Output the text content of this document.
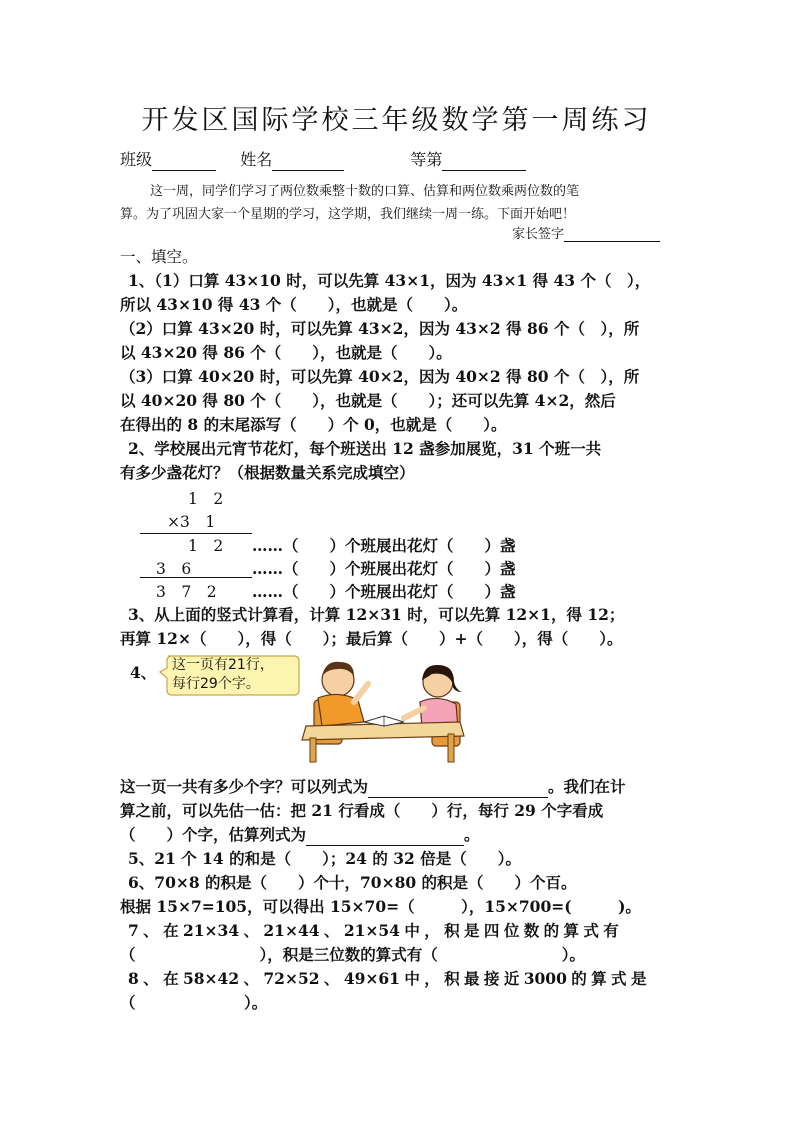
开发区国际学校三年级数学第一周练习
班级	姓名	等第
这一周，同学们学习了两位数乘整十数的口算、估算和两位数乘两位数的笔
算。为了巩固大家一个星期的学习，这学期，我们继续一周一练。下面开始吧！
家长签字
一、填空。
1、（1）口算 43×10 时，可以先算 43×1，因为 43×1 得 43 个（　），
所以 43×10 得 43 个（　　），也就是（　　）。
（2）口算 43×20 时，可以先算 43×2，因为 43×2 得 86 个（　），所
以 43×20 得 86 个（　　），也就是（　　）。
（3）口算 40×20 时，可以先算 40×2，因为 40×2 得 80 个（　），所
以 40×20 得 80 个（　　），也就是（　　）；还可以先算 4×2，然后
在得出的 8 的末尾添写（　　）个 0，也就是（　　）。
2、学校展出元宵节花灯，每个班送出 12 盏参加展览，31 个班一共
有多少盏花灯？（根据数量关系完成填空）
1　2
×3　1
1　2 ……（　　）个班展出花灯（　　）盏
3　6	……（　　）个班展出花灯（　　）盏
3　7　2 ……（　　）个班展出花灯（　　）盏
3、从上面的竖式计算看，计算 12×31 时，可以先算 12×1，得 12；
再算 12×（　　），得（　　）；最后算（　　）+（　　），得（　　）。
4、 这一页有21行，
每行29个字。
这一页一共有多少个字？可以列式为	。我们在计
算之前，可以先估一估：把 21 行看成（　　）行，每行 29 个字看成
（　　）个字，估算列式为	。
5、21 个 14 的和是（　　）；24 的 32 倍是（　　）。
6、70×8 的积是（　　）个十，70×80 的积是（　　）个百。
根据 15×7=105，可以得出 15×70=（　　　），15×700=(　　　)。
7 、 在 21×34 、 21×44 、 21×54 中 ， 积 是 四 位 数 的 算 式 有
（　　　　　　　　），积是三位数的算式有（　　　　　　　　）。
8 、 在 58×42 、 72×52 、 49×61 中 ， 积 最 接 近 3000 的 算 式 是
（　　　　　　　）。
